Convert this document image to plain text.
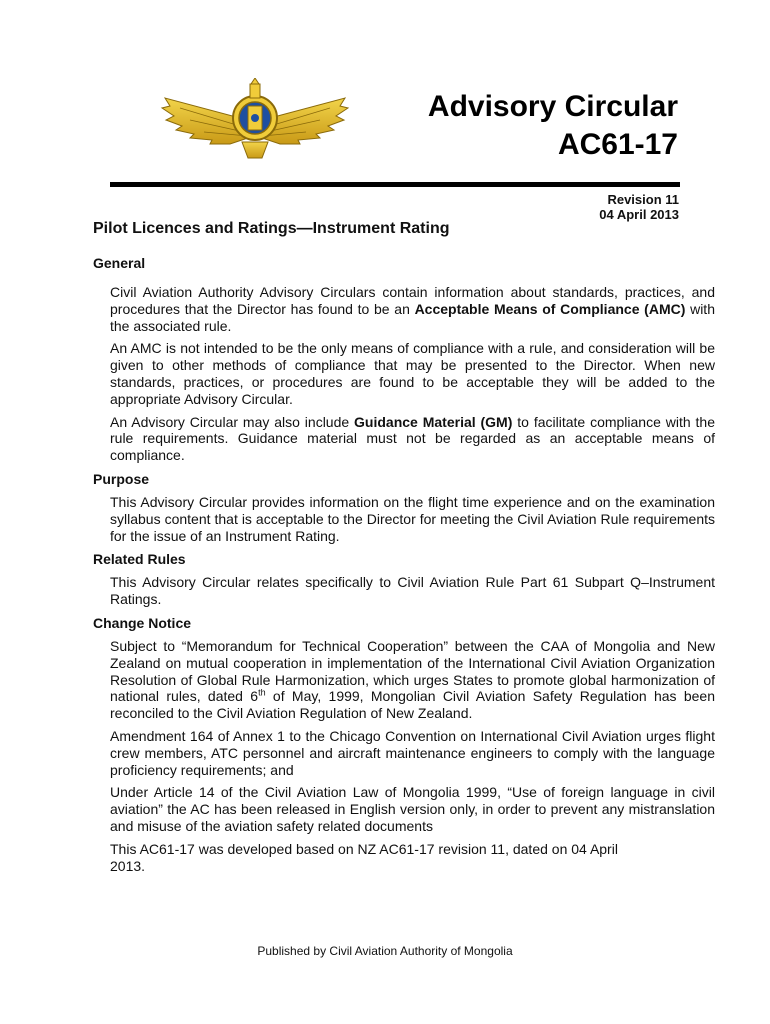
Advisory Circular
AC61-17
Revision 11
04 April 2013
Pilot Licences and Ratings—Instrument Rating
General

Civil Aviation Authority Advisory Circulars contain information about standards, practices, and procedures that the Director has found to be an Acceptable Means of Compliance (AMC) with the associated rule.

An AMC is not intended to be the only means of compliance with a rule, and consideration will be given to other methods of compliance that may be presented to the Director. When new standards, practices, or procedures are found to be acceptable they will be added to the appropriate Advisory Circular.

An Advisory Circular may also include Guidance Material (GM) to facilitate compliance with the rule requirements. Guidance material must not be regarded as an acceptable means of compliance.

Purpose

This Advisory Circular provides information on the flight time experience and on the examination syllabus content that is acceptable to the Director for meeting the Civil Aviation Rule requirements for the issue of an Instrument Rating.

Related Rules

This Advisory Circular relates specifically to Civil Aviation Rule Part 61 Subpart Q–Instrument Ratings.

Change Notice

Subject to “Memorandum for Technical Cooperation” between the CAA of Mongolia and New Zealand on mutual cooperation in implementation of the International Civil Aviation Organization Resolution of Global Rule Harmonization, which urges States to promote global harmonization of national rules, dated 6th of May, 1999, Mongolian Civil Aviation Safety Regulation has been reconciled to the Civil Aviation Regulation of New Zealand.

Amendment 164 of Annex 1 to the Chicago Convention on International Civil Aviation urges flight crew members, ATC personnel and aircraft maintenance engineers to comply with the language proficiency requirements; and

Under Article 14 of the Civil Aviation Law of Mongolia 1999, “Use of foreign language in civil aviation” the AC has been released in English version only, in order to prevent any mistranslation and misuse of the aviation safety related documents

This AC61-17 was developed based on NZ AC61-17 revision 11, dated on 04 April 2013.

Published by Civil Aviation Authority of Mongolia
